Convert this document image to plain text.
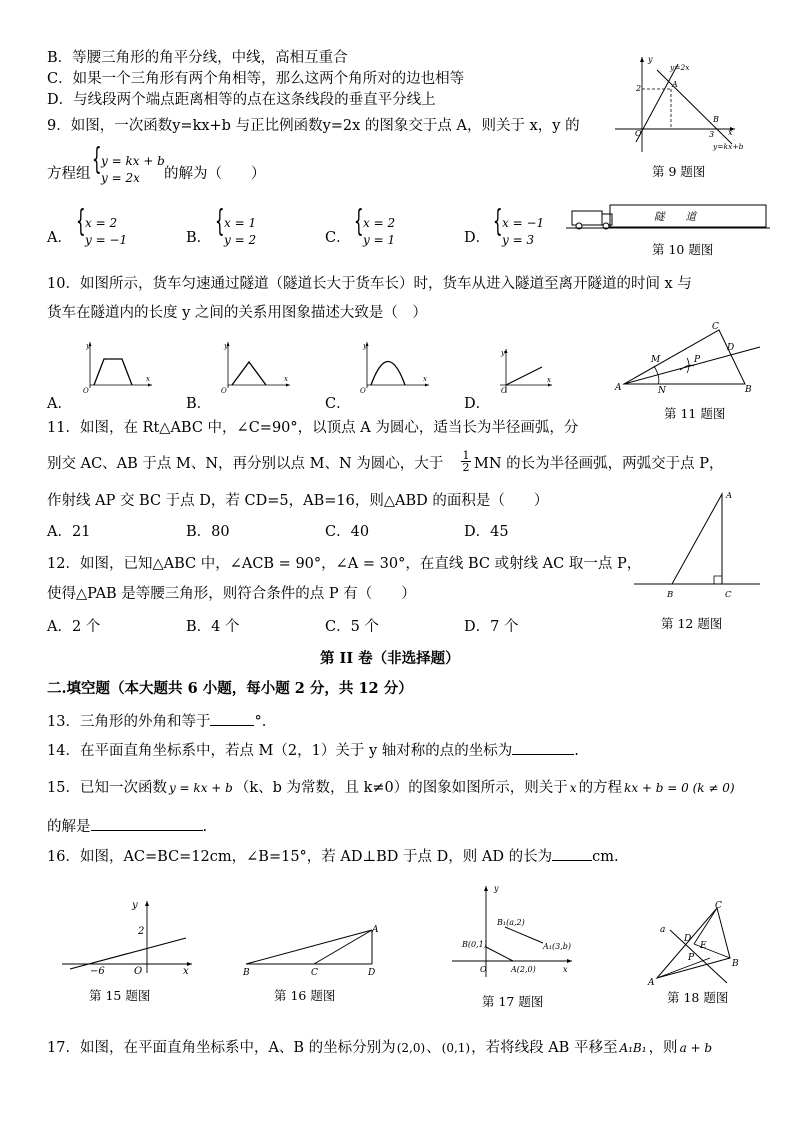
B．等腰三角形的角平分线，中线，高相互重合
C．如果一个三角形有两个角相等，那么这两个角所对的边也相等
D．与线段两个端点距离相等的点在这条线段的垂直平分线上
9．如图，一次函数y=kx+b 与正比例函数y=2x 的图象交于点 A，则关于 x，y 的
方程组 { y = kx + b
y = 2x 的解为（　　）
A． { x = 2
y = −1	B． { x = 1
y = 2	C． { x = 2
y = 1	D． { x = −1
y = 3
y
y=2x
2	A
O
B
3 x
y=kx+b
第 9 题图
隧　　道
第 10 题图
10．如图所示，货车匀速通过隧道（隧道长大于货车长）时，货车从进入隧道至离开隧道的时间 x 与
货车在隧道内的长度 y 之间的关系用图象描述大致是（　）
A．
y
x
O
B．
y
x
O
C．
y
x
O
D．
y
x
O	A	B
C
D
M
N
P
第 11 题图
11．如图，在 Rt△ABC 中，∠C=90°，以顶点 A 为圆心，适当长为半径画弧，分
别交 AC、AB 于点 M、N，再分别以点 M、N 为圆心，大于 $\frac{1}{2}$ MN 的长为半径画弧，两弧交于点 P，
作射线 AP 交 BC 于点 D，若 CD=5，AB=16，则△ABD 的面积是（　　）
A．21	B．80	C．40	D．45
A
B	C
第 12 题图
12．如图，已知△ABC 中，∠ACB = 90°，∠A = 30°，在直线 BC 或射线 AC 取一点 P，
使得△PAB 是等腰三角形，则符合条件的点 P 有（　　）
A．2 个	B．4 个	C．5 个	D．7 个
第 II 卷（非选择题）
二.填空题（本大题共 6 小题，每小题 2 分，共 12 分）
13．三角形的外角和等于	°.
14．在平面直角坐标系中，若点 M（2，1）关于 y 轴对称的点的坐标为	.
15．已知一次函数 y = kx + b （k、b 为常数，且 k≠0）的图象如图所示，则关于 x 的方程 kx + b = 0 (k ≠ 0)
的解是	.
16．如图，AC=BC=12cm，∠B=15°，若 AD⊥BD 于点 D，则 AD 的长为	cm.
y
2
−6	O	x
第 15 题图
A
B	C	D
第 16 题图
y
B₁(a,2)
A₁(3,b)
B(0,1)
O	A(2,0)	x
第 17 题图
a
C
D
E
P
B
A
第 18 题图
17．如图，在平面直角坐标系中，A、B 的坐标分别为(2,0)、(0,1)，若将线段 AB 平移至 A₁B₁ ，则 a + b
